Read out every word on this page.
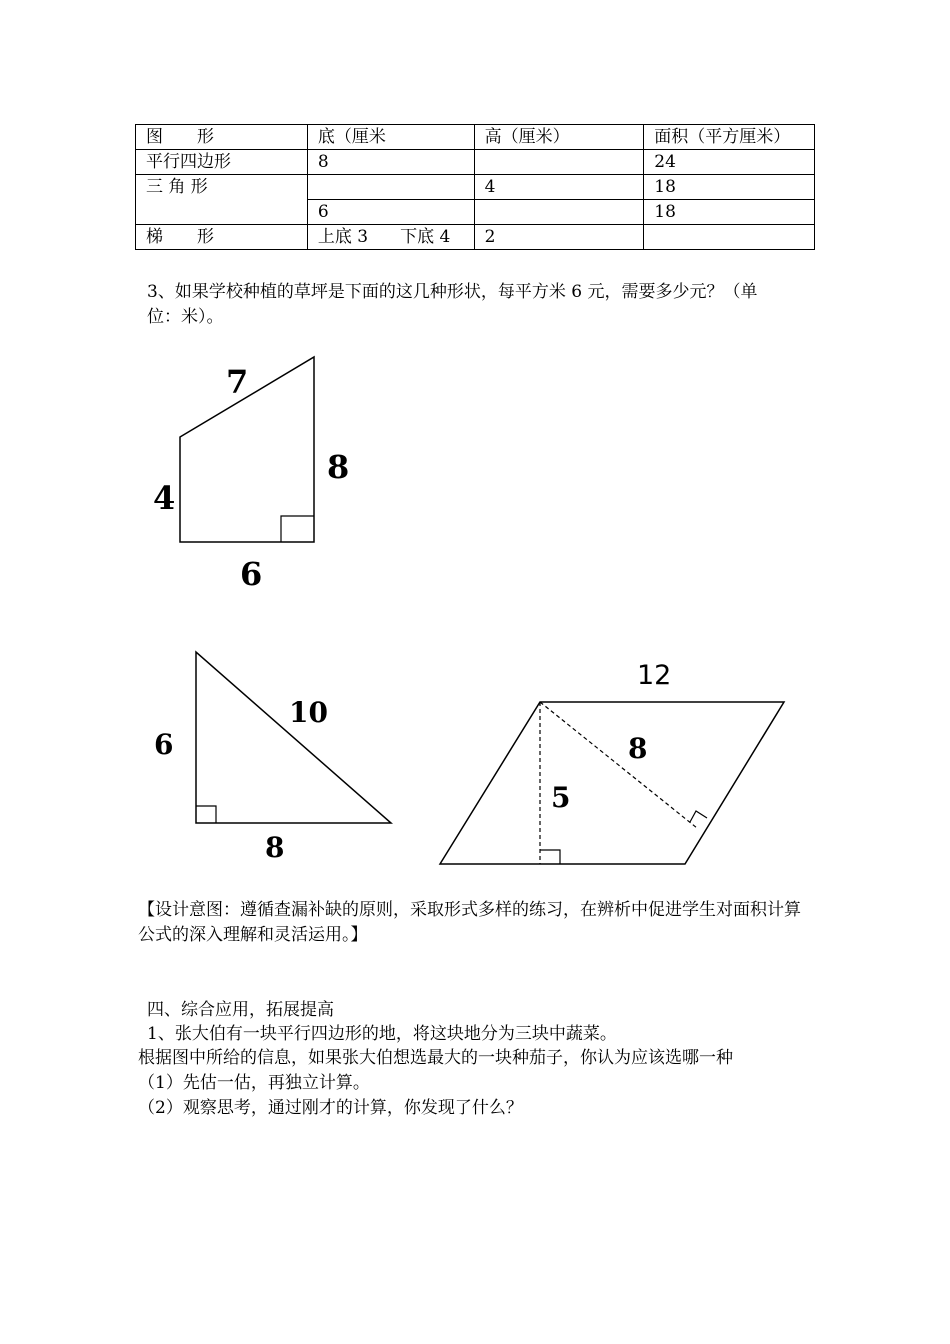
图　　形	底（厘米	高（厘米）	面积（平方厘米）
平行四边形	8		24
三 角 形		4	18
	6		18
梯　　形	上底 3 下底 4	2	
3、如果学校种植的草坪是下面的这几种形状，每平方米 6 元，需要多少元？（单
位：米）。
7
8
4
6
6
10
8
12
8
5
【设计意图：遵循查漏补缺的原则，采取形式多样的练习，在辨析中促进学生对面积计算公式的深入理解和灵活运用。】
四、综合应用，拓展提高
1、张大伯有一块平行四边形的地，将这块地分为三块中蔬菜。
根据图中所给的信息，如果张大伯想选最大的一块种茄子，你认为应该选哪一种
（1）先估一估，再独立计算。
（2）观察思考，通过刚才的计算，你发现了什么？
